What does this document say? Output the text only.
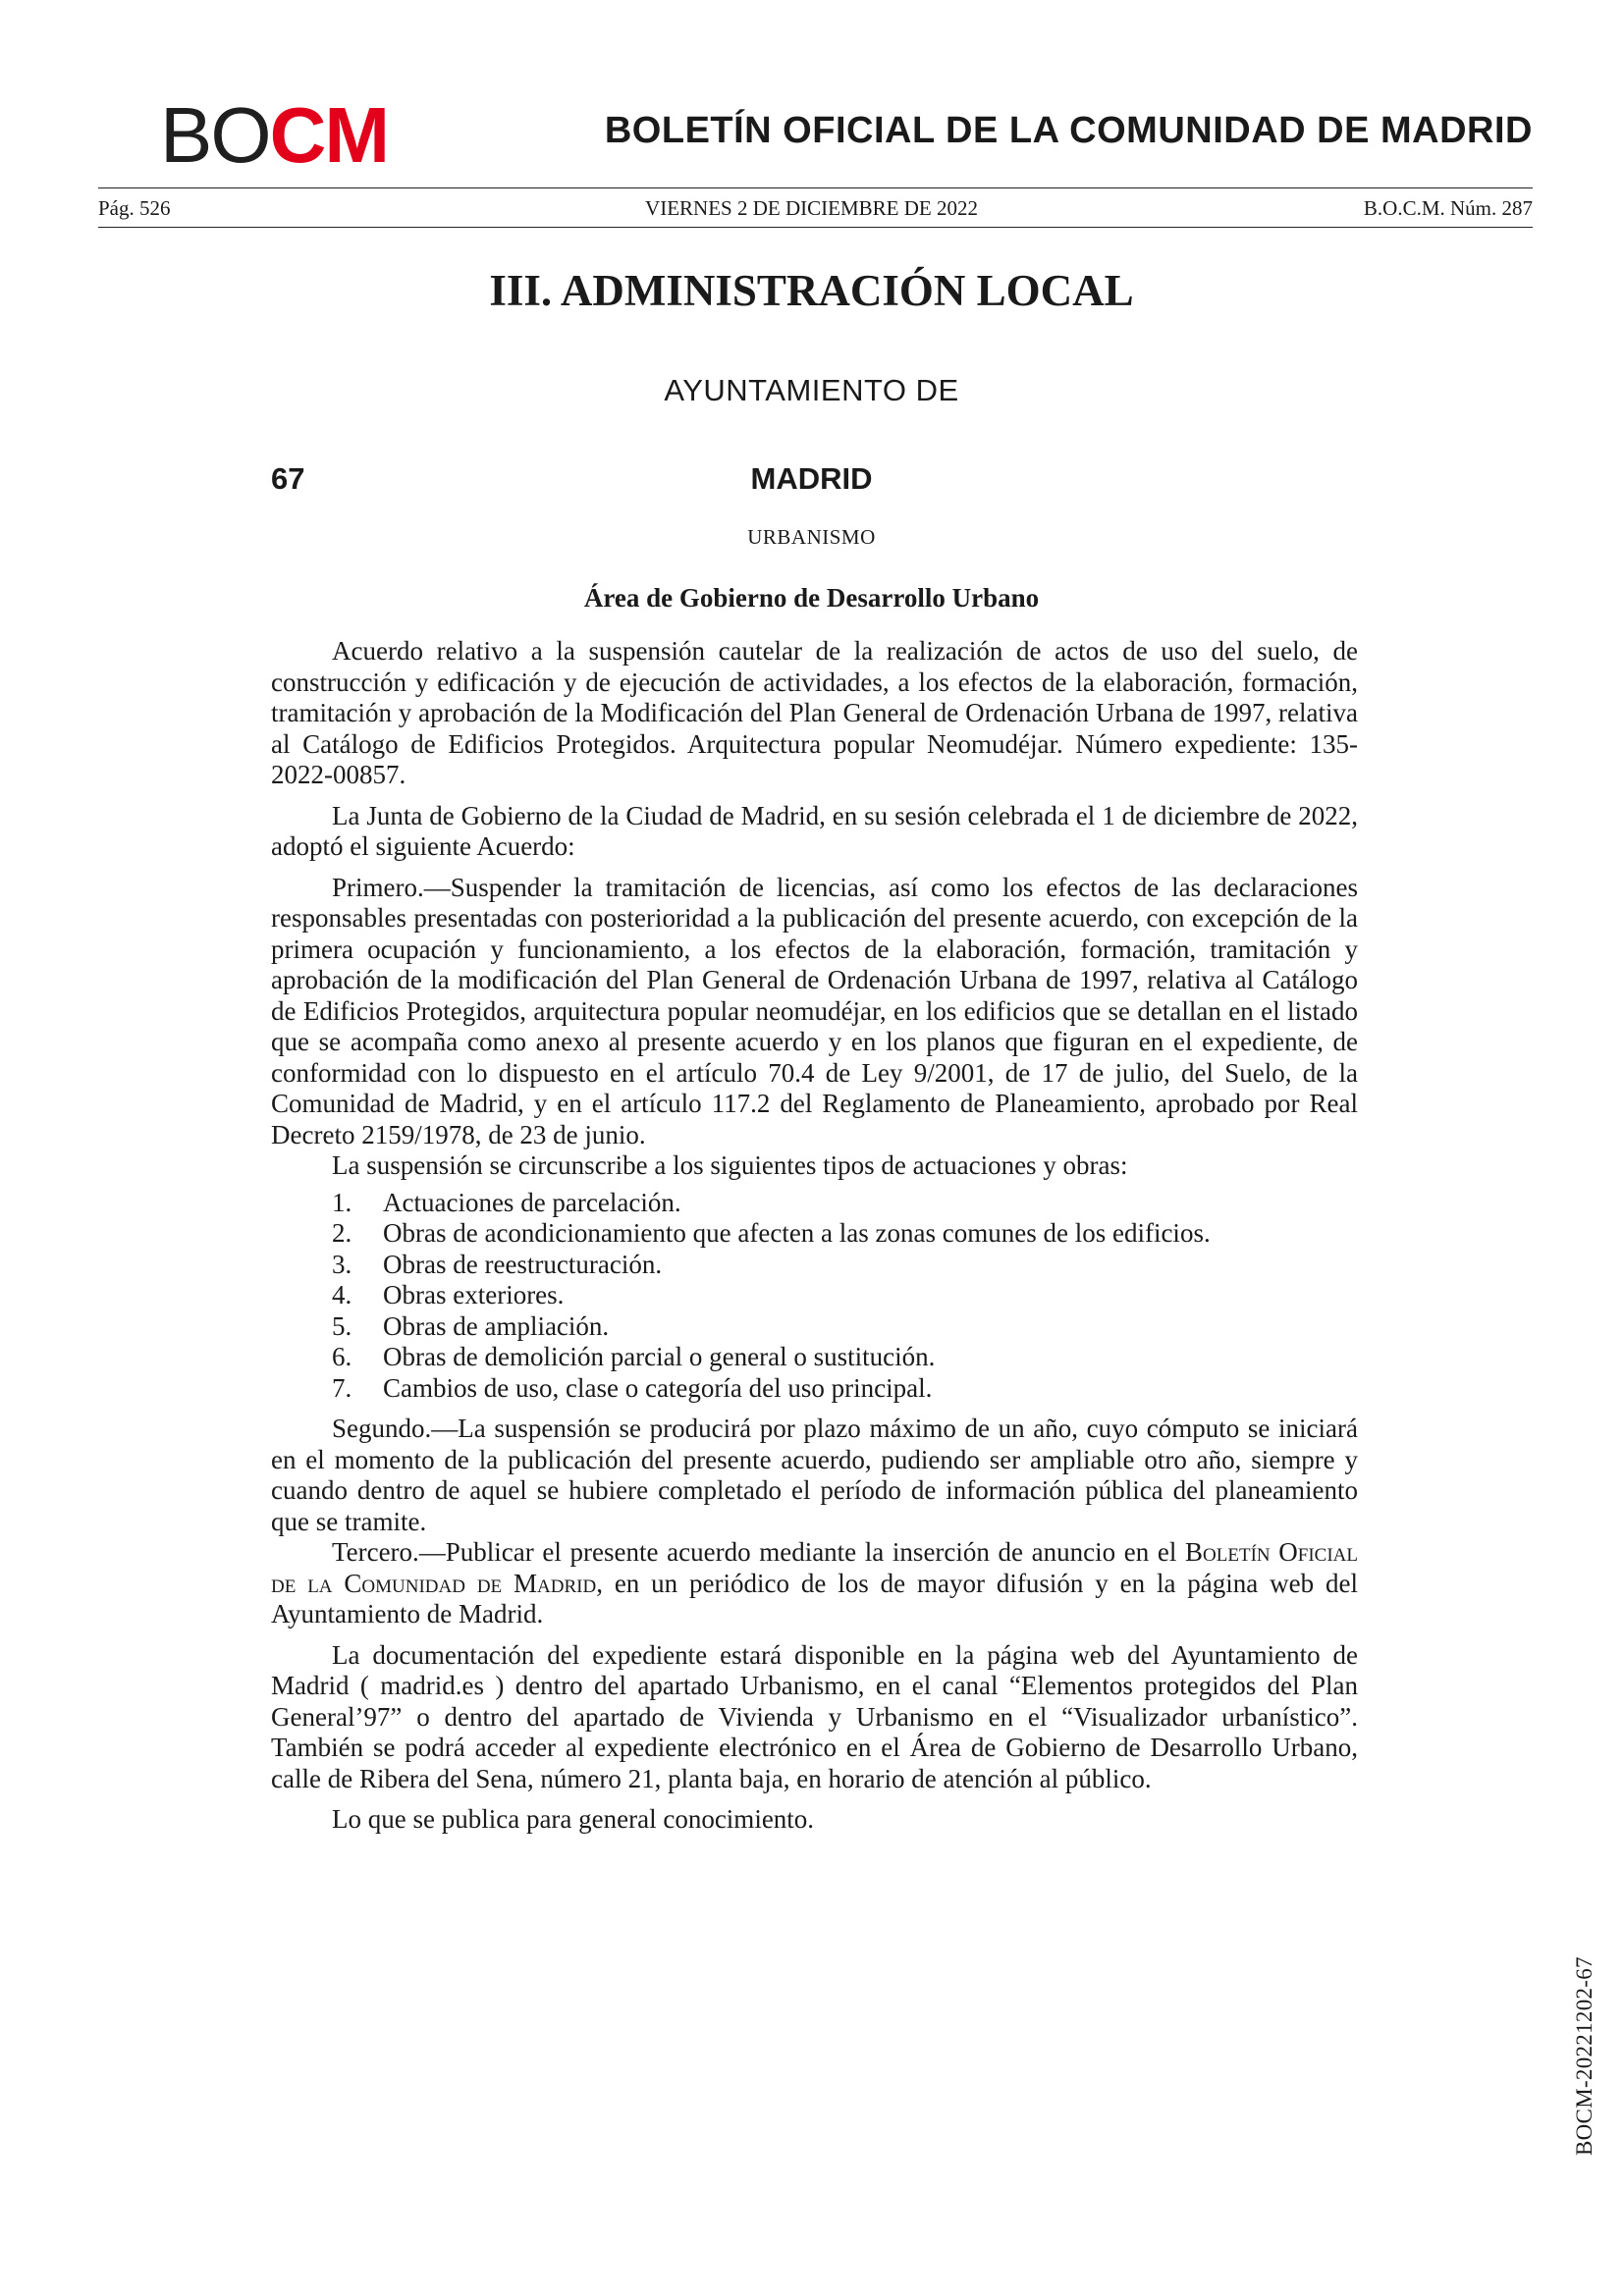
BOCM	BOLETÍN OFICIAL DE LA COMUNIDAD DE MADRID
Pág. 526	VIERNES 2 DE DICIEMBRE DE 2022	B.O.C.M. Núm. 287
III. ADMINISTRACIÓN LOCAL
AYUNTAMIENTO DE
67	MADRID
URBANISMO
Área de Gobierno de Desarrollo Urbano

Acuerdo relativo a la suspensión cautelar de la realización de actos de uso del suelo, de construcción y edificación y de ejecución de actividades, a los efectos de la elaboración, formación, tramitación y aprobación de la Modificación del Plan General de Ordenación Urbana de 1997, relativa al Catálogo de Edificios Protegidos. Arquitectura popular Neomudéjar. Número expediente: 135-2022-00857.

La Junta de Gobierno de la Ciudad de Madrid, en su sesión celebrada el 1 de diciembre de 2022, adoptó el siguiente Acuerdo:

Primero.—Suspender la tramitación de licencias, así como los efectos de las declaraciones responsables presentadas con posterioridad a la publicación del presente acuerdo, con excepción de la primera ocupación y funcionamiento, a los efectos de la elaboración, formación, tramitación y aprobación de la modificación del Plan General de Ordenación Urbana de 1997, relativa al Catálogo de Edificios Protegidos, arquitectura popular neomudéjar, en los edificios que se detallan en el listado que se acompaña como anexo al presente acuerdo y en los planos que figuran en el expediente, de conformidad con lo dispuesto en el artículo 70.4 de Ley 9/2001, de 17 de julio, del Suelo, de la Comunidad de Madrid, y en el artículo 117.2 del Reglamento de Planeamiento, aprobado por Real Decreto 2159/1978, de 23 de junio.

La suspensión se circunscribe a los siguientes tipos de actuaciones y obras:

1.	Actuaciones de parcelación.
2.	Obras de acondicionamiento que afecten a las zonas comunes de los edificios.
3.	Obras de reestructuración.
4.	Obras exteriores.
5.	Obras de ampliación.
6.	Obras de demolición parcial o general o sustitución.
7.	Cambios de uso, clase o categoría del uso principal.

Segundo.—La suspensión se producirá por plazo máximo de un año, cuyo cómputo se iniciará en el momento de la publicación del presente acuerdo, pudiendo ser ampliable otro año, siempre y cuando dentro de aquel se hubiere completado el período de información pública del planeamiento que se tramite.

Tercero.—Publicar el presente acuerdo mediante la inserción de anuncio en el Boletín Oficial de la Comunidad de Madrid, en un periódico de los de mayor difusión y en la página web del Ayuntamiento de Madrid.

La documentación del expediente estará disponible en la página web del Ayuntamiento de Madrid ( madrid.es ) dentro del apartado Urbanismo, en el canal “Elementos protegidos del Plan General’97” o dentro del apartado de Vivienda y Urbanismo en el “Visualizador urbanístico”. También se podrá acceder al expediente electrónico en el Área de Gobierno de Desarrollo Urbano, calle de Ribera del Sena, número 21, planta baja, en horario de atención al público.

Lo que se publica para general conocimiento.

BOCM-20221202-67
